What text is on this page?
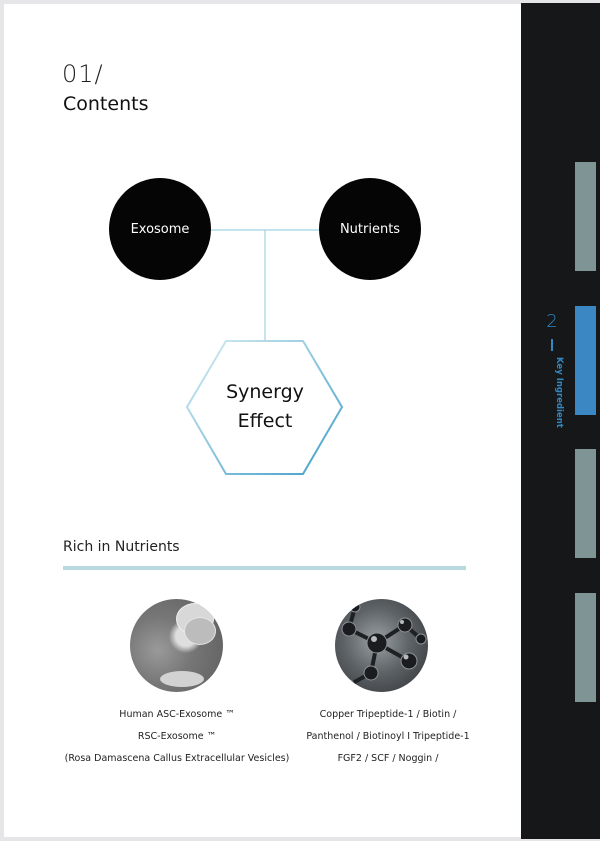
01/
Contents
Exosome	Nutrients
Synergy
Effect
Rich in Nutrients
Human ASC-Exosome ™
RSC-Exosome ™
(Rosa Damascena Callus Extracellular Vesicles)
Copper Tripeptide-1 / Biotin /
Panthenol / Biotinoyl I Tripeptide-1
FGF2 / SCF / Noggin /
2
Key Ingredient
